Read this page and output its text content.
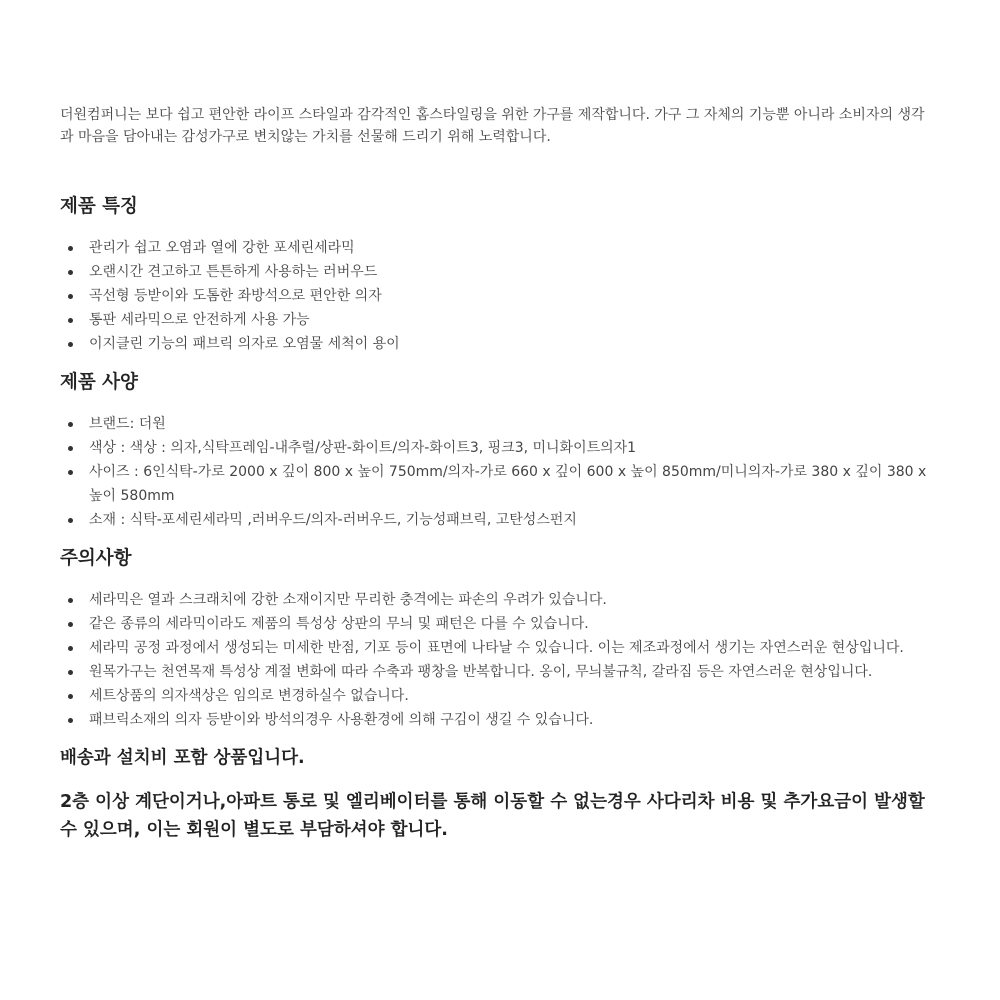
더원컴퍼니는 보다 쉽고 편안한 라이프 스타일과 감각적인 홈스타일링을 위한 가구를 제작합니다. 가구 그 자체의 기능뿐 아니라 소비자의 생각과 마음을 담아내는 감성가구로 변치않는 가치를 선물해 드리기 위해 노력합니다.

제품 특징
관리가 쉽고 오염과 열에 강한 포세린세라믹
오랜시간 견고하고 튼튼하게 사용하는 러버우드
곡선형 등받이와 도톰한 좌방석으로 편안한 의자
통판 세라믹으로 안전하게 사용 가능
이지클린 기능의 패브릭 의자로 오염물 세척이 용이
제품 사양
브랜드: 더원
색상 : 색상 : 의자,식탁프레임-내추럴/상판-화이트/의자-화이트3, 핑크3, 미니화이트의자1
사이즈 : 6인식탁-가로 2000 x 깊이 800 x 높이 750mm/의자-가로 660 x 깊이 600 x 높이 850mm/미니의자-가로 380 x 깊이 380 x 높이 580mm
소재 : 식탁-포세린세라믹 ,러버우드/의자-러버우드, 기능성패브릭, 고탄성스펀지
주의사항
세라믹은 열과 스크래치에 강한 소재이지만 무리한 충격에는 파손의 우려가 있습니다.
같은 종류의 세라믹이라도 제품의 특성상 상판의 무늬 및 패턴은 다를 수 있습니다.
세라믹 공정 과정에서 생성되는 미세한 반점, 기포 등이 표면에 나타날 수 있습니다. 이는 제조과정에서 생기는 자연스러운 현상입니다.
원목가구는 천연목재 특성상 계절 변화에 따라 수축과 팽창을 반복합니다. 옹이, 무늬불규칙, 갈라짐 등은 자연스러운 현상입니다.
세트상품의 의자색상은 임의로 변경하실수 없습니다.
패브릭소재의 의자 등받이와 방석의경우 사용환경에 의해 구김이 생길 수 있습니다.

배송과 설치비 포함 상품입니다.

2층 이상 계단이거나,아파트 통로 및 엘리베이터를 통해 이동할 수 없는경우 사다리차 비용 및 추가요금이 발생할 수 있으며, 이는 회원이 별도로 부담하셔야 합니다.
